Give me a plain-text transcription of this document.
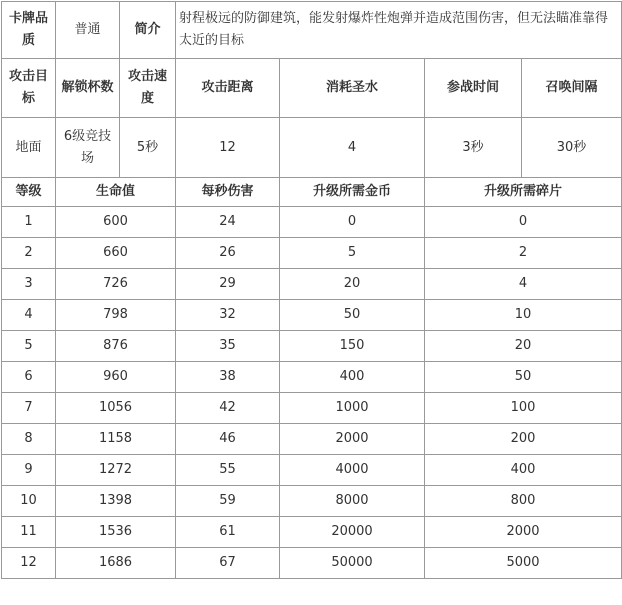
卡牌品质	普通	简介	射程极远的防御建筑，能发射爆炸性炮弹并造成范围伤害，但无法瞄准靠得太近的目标			
攻击目标	解锁杯数	攻击速度	攻击距离	消耗圣水	参战时间	召唤间隔
地面	6级竞技场	5秒	12	4	3秒	30秒
等级	生命值		每秒伤害	升级所需金币	升级所需碎片	
1	600		24	0	0	
2	660		26	5	2	
3	726		29	20	4	
4	798		32	50	10	
5	876		35	150	20	
6	960		38	400	50	
7	1056		42	1000	100	
8	1158		46	2000	200	
9	1272		55	4000	400	
10	1398		59	8000	800	
11	1536		61	20000	2000	
12	1686		67	50000	5000	
